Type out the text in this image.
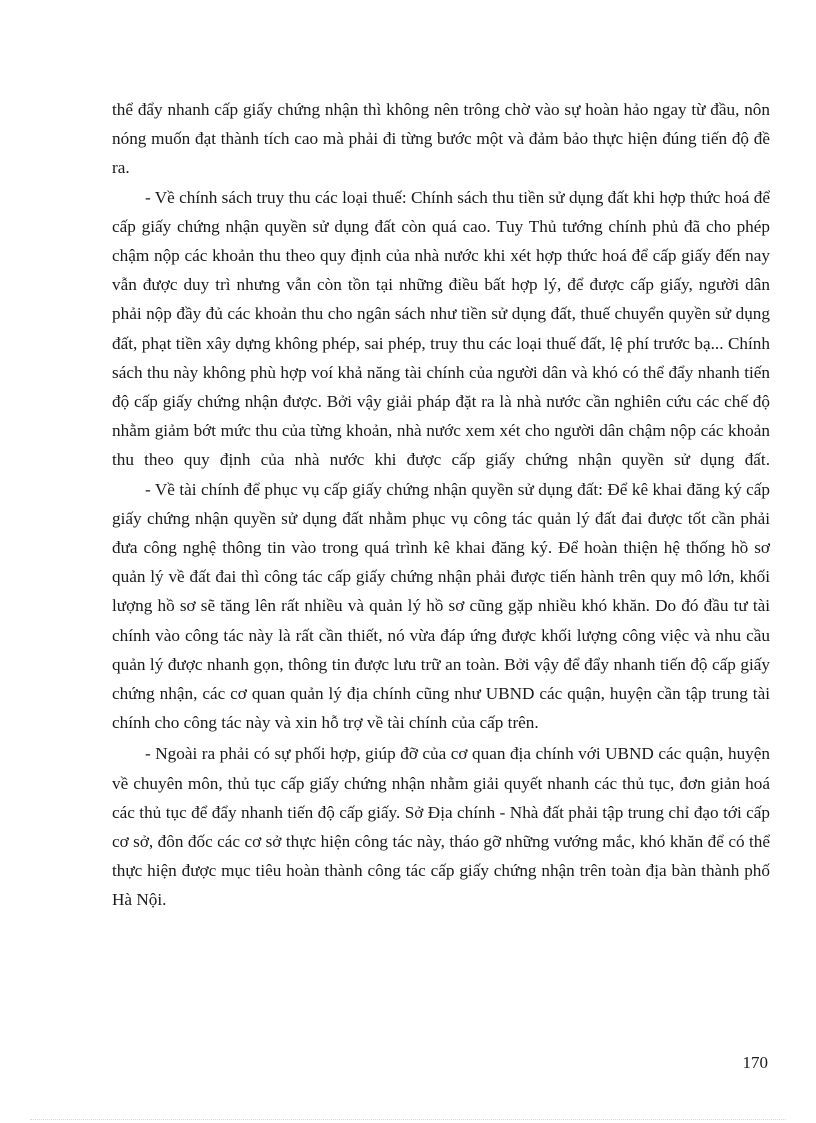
thể đẩy nhanh cấp giấy chứng nhận thì không nên trông chờ vào sự hoàn hảo ngay từ đầu, nôn nóng muốn đạt thành tích cao mà phải đi từng bước một và đảm bảo thực hiện đúng tiến độ đề ra.

- Về chính sách truy thu các loại thuế: Chính sách thu tiền sử dụng đất khi hợp thức hoá để cấp giấy chứng nhận quyền sử dụng đất còn quá cao. Tuy Thủ tướng chính phủ đã cho phép chậm nộp các khoản thu theo quy định của nhà nước khi xét hợp thức hoá để cấp giấy đến nay vẫn được duy trì nhưng vẫn còn tồn tại những điều bất hợp lý, để được cấp giấy, người dân phải nộp đầy đủ các khoản thu cho ngân sách như tiền sử dụng đất, thuế chuyển quyền sử dụng đất, phạt tiền xây dựng không phép, sai phép, truy thu các loại thuế đất, lệ phí trước bạ... Chính sách thu này không phù hợp voí khả năng tài chính của người dân và khó có thể đẩy nhanh tiến độ cấp giấy chứng nhận được. Bởi vậy giải pháp đặt ra là nhà nước cần nghiên cứu các chế độ nhằm giảm bớt mức thu của từng khoản, nhà nước xem xét cho người dân chậm nộp các khoản thu theo quy định của nhà nước khi được cấp giấy chứng nhận quyền sử dụng đất.

- Về tài chính để phục vụ cấp giấy chứng nhận quyền sử dụng đất: Để kê khai đăng ký cấp giấy chứng nhận quyền sử dụng đất nhằm phục vụ công tác quản lý đất đai được tốt cần phải đưa công nghệ thông tin vào trong quá trình kê khai đăng ký. Để hoàn thiện hệ thống hồ sơ quản lý về đất đai thì công tác cấp giấy chứng nhận phải được tiến hành trên quy mô lớn, khối lượng hồ sơ sẽ tăng lên rất nhiều và quản lý hồ sơ cũng gặp nhiều khó khăn. Do đó đầu tư tài chính vào công tác này là rất cần thiết, nó vừa đáp ứng được khối lượng công việc và nhu cầu quản lý được nhanh gọn, thông tin được lưu trữ an toàn. Bởi vậy để đẩy nhanh tiến độ cấp giấy chứng nhận, các cơ quan quản lý địa chính cũng như UBND các quận, huyện cần tập trung tài chính cho công tác này và xin hỗ trợ về tài chính của cấp trên.

- Ngoài ra phải có sự phối hợp, giúp đỡ của cơ quan địa chính với UBND các quận, huyện về chuyên môn, thủ tục cấp giấy chứng nhận nhằm giải quyết nhanh các thủ tục, đơn giản hoá các thủ tục để đẩy nhanh tiến độ cấp giấy. Sở Địa chính - Nhà đất phải tập trung chỉ đạo tới cấp cơ sở, đôn đốc các cơ sở thực hiện công tác này, tháo gỡ những vướng mắc, khó khăn để có thể thực hiện được mục tiêu hoàn thành công tác cấp giấy chứng nhận trên toàn địa bàn thành phố Hà Nội.

170
